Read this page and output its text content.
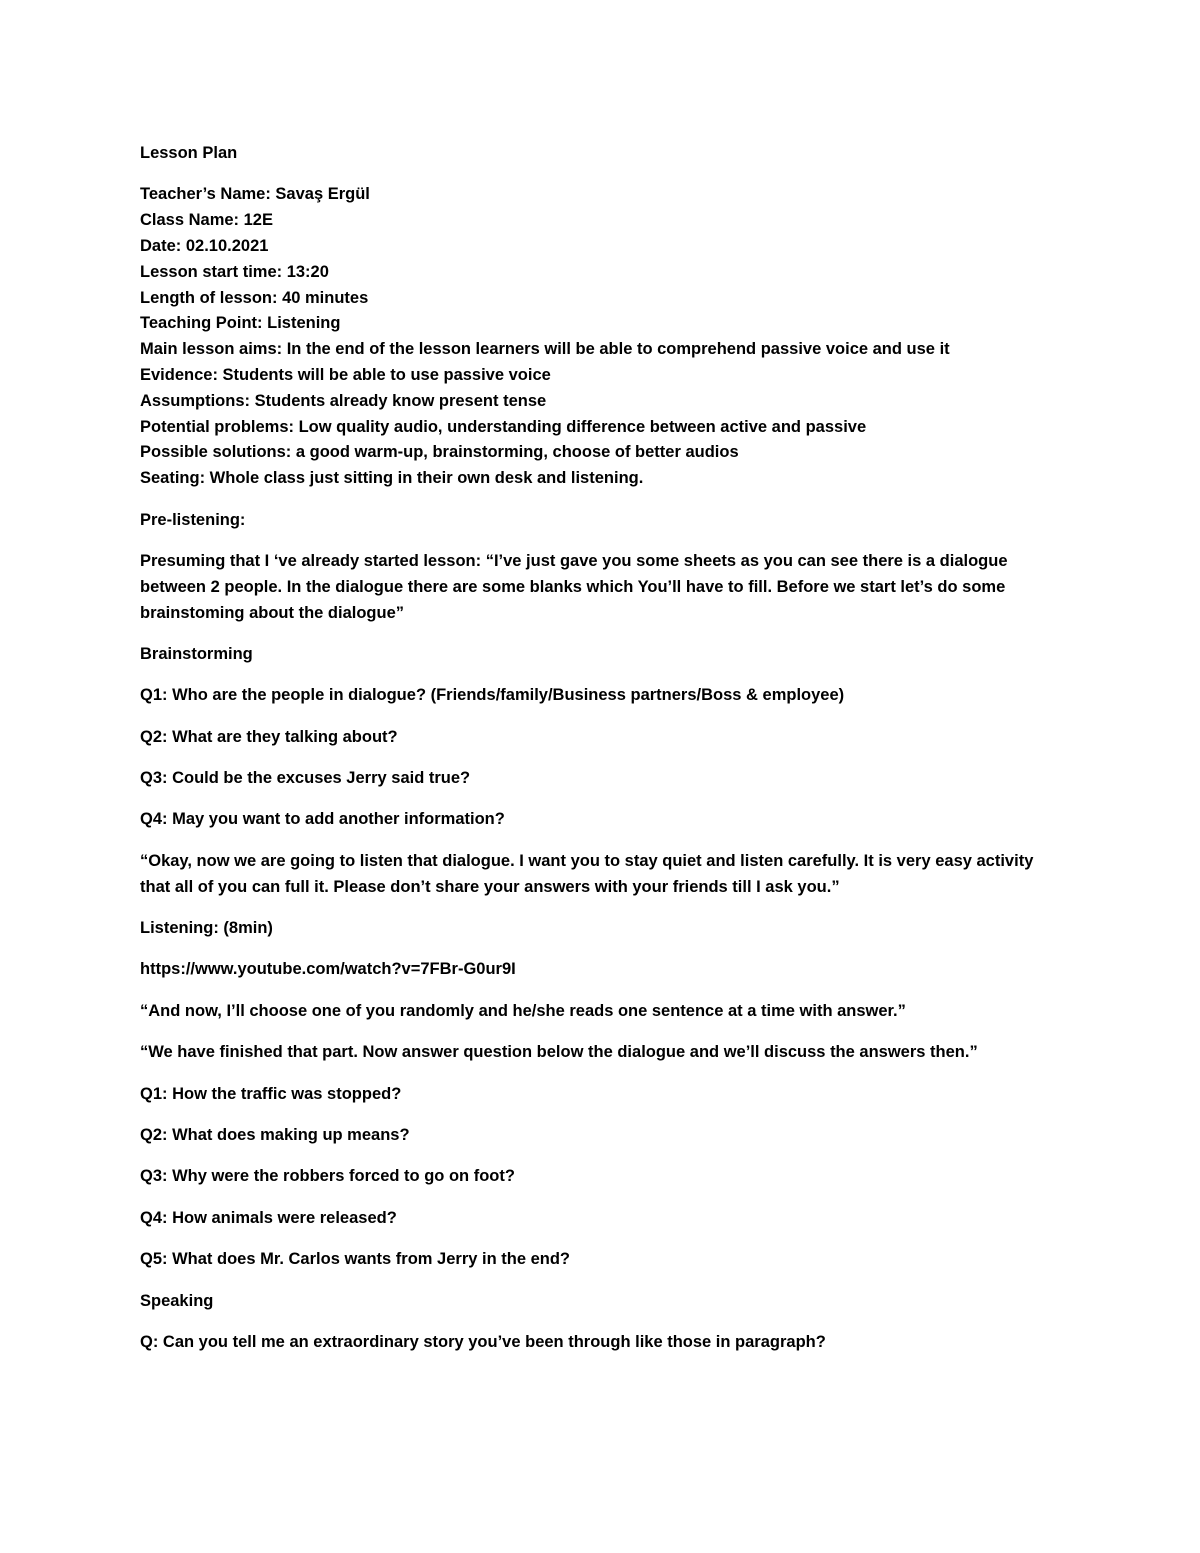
Lesson Plan

Teacher’s Name: Savaş Ergül

Class Name: 12E

Date: 02.10.2021

Lesson start time: 13:20

Length of lesson: 40 minutes

Teaching Point: Listening

Main lesson aims: In the end of the lesson learners will be able to comprehend passive voice and use it

Evidence: Students will be able to use passive voice

Assumptions: Students already know present tense

Potential problems: Low quality audio, understanding difference between active and passive

Possible solutions: a good warm-up, brainstorming, choose of better audios

Seating: Whole class just sitting in their own desk and listening.

Pre-listening:

Presuming that I ‘ve already started lesson: “I’ve just gave you some sheets as you can see there is a dialogue

between 2 people. In the dialogue there are some blanks which You’ll have to fill. Before we start let’s do some

brainstoming about the dialogue”

Brainstorming

Q1: Who are the people in dialogue? (Friends/family/Business partners/Boss & employee)

Q2: What are they talking about?

Q3: Could be the excuses Jerry said true?

Q4: May you want to add another information?

“Okay, now we are going to listen that dialogue. I want you to stay quiet and listen carefully. It is very easy activity

that all of you can full it. Please don’t share your answers with your friends till I ask you.”

Listening: (8min)

https://www.youtube.com/watch?v=7FBr-G0ur9I

“And now, I’ll choose one of you randomly and he/she reads one sentence at a time with answer.”

“We have finished that part. Now answer question below the dialogue and we’ll discuss the answers then.”

Q1: How the traffic was stopped?

Q2: What does making up means?

Q3: Why were the robbers forced to go on foot?

Q4: How animals were released?

Q5: What does Mr. Carlos wants from Jerry in the end?

Speaking

Q: Can you tell me an extraordinary story you’ve been through like those in paragraph?
